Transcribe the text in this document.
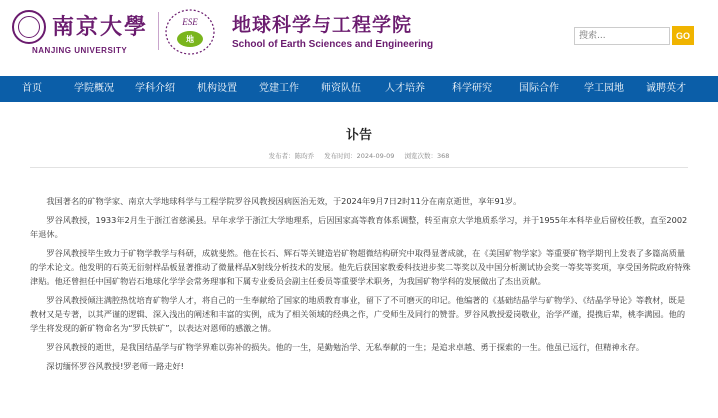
南京大學
NANJING UNIVERSITY
ESE
地
地球科学与工程学院
School of Earth Sciences and Engineering
搜索...
GO
首页	学院概况	学科介绍	机构设置	党建工作	师资队伍	人才培养	科学研究	国际合作	学工园地	诚聘英才
讣告
发布者：陈昀乔 发布时间：2024-09-09 浏览次数：368

我国著名的矿物学家、南京大学地球科学与工程学院罗谷风教授因病医治无效，于2024年9月7日2时11分在南京逝世，享年91岁。

罗谷风教授，1933年2月生于浙江省慈溪县。早年求学于浙江大学地理系，后因国家高等教育体系调整，转至南京大学地质系学习，并于1955年本科毕业后留校任教，直至2002年退休。

罗谷风教授毕生致力于矿物学教学与科研，成就斐然。他在长石、辉石等关键造岩矿物超微结构研究中取得显著成就，在《美国矿物学家》等重要矿物学期刊上发表了多篇高质量的学术论文。他发明的石英无衍射样品板显著推动了微量样品X射线分析技术的发展。他先后获国家教委科技进步奖二等奖以及中国分析测试协会奖一等奖等奖项，享受国务院政府特殊津贴。他还曾担任中国矿物岩石地球化学学会常务理事和下属专业委员会副主任委员等重要学术职务，为我国矿物学科的发展做出了杰出贡献。

罗谷风教授倾注满腔热忱培育矿物学人才，将自己的一生奉献给了国家的地质教育事业，留下了不可磨灭的印记。他编著的《基础结晶学与矿物学》、《结晶学导论》等教材，既是教材又是专著，以其严谨的逻辑、深入浅出的阐述和丰富的实例，成为了相关领域的经典之作，广受师生及同行的赞誉。罗谷风教授爱岗敬业，治学严谨，提携后辈，桃李满园。他的学生将发现的新矿物命名为“罗氏铁矿”，以表达对恩师的感激之情。

罗谷风教授的逝世，是我国结晶学与矿物学界难以弥补的损失。他的一生，是勤勉治学、无私奉献的一生；是追求卓越、勇于探索的一生。他虽已远行，但精神永存。

深切缅怀罗谷风教授!罗老师一路走好!
